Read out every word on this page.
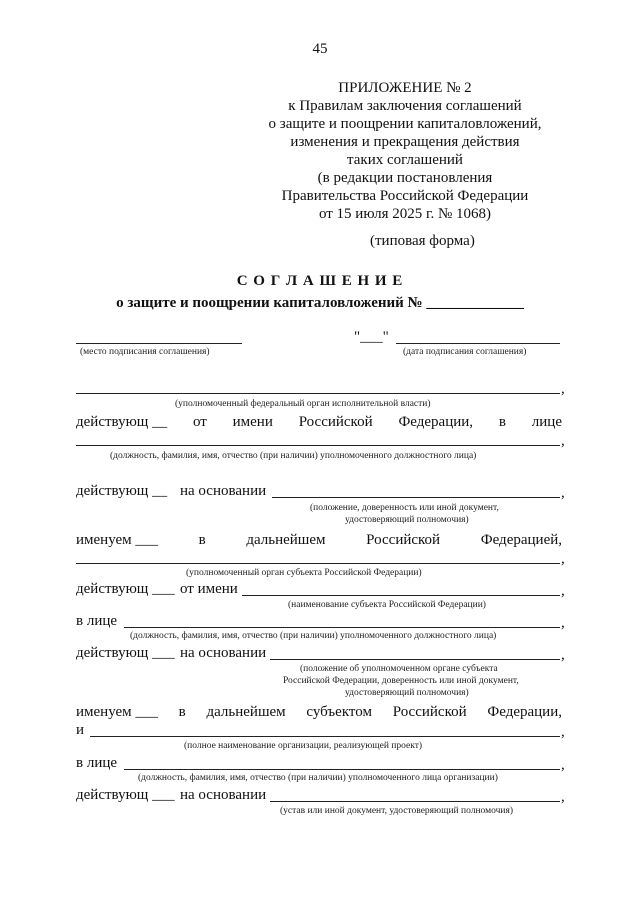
45
ПРИЛОЖЕНИЕ № 2
к Правилам заключения соглашений
о защите и поощрении капиталовложений,
изменения и прекращения действия
таких соглашений
(в редакции постановления
Правительства Российской Федерации
от 15 июля 2025 г. № 1068)
(типовая форма)
С О Г Л А Ш Е Н И Е
о защите и поощрении капиталовложений № _____________
"___"
(место подписания соглашения)	(дата подписания соглашения)
,
(уполномоченный федеральный орган исполнительной власти)
действующ __ от имени Российской Федерации, в лице
,
(должность, фамилия, имя, отчество (при наличии) уполномоченного должностного лица)
действующ __ на основании	,
(положение, доверенность или иной документ,
удостоверяющий полномочия)
именуем ___	в	дальнейшем	Российской	Федерацией,
,
(уполномоченный орган субъекта Российской Федерации)
действующ ___ от имени	,
(наименование субъекта Российской Федерации)
в лице	,
(должность, фамилия, имя, отчество (при наличии) уполномоченного должностного лица)
действующ ___ на основании	,
(положение об уполномоченном органе субъекта
Российской Федерации, доверенность или иной документ,
удостоверяющий полномочия)
именуем ___ в дальнейшем субъектом Российской Федерации,
и	,
(полное наименование организации, реализующей проект)
в лице	,
(должность, фамилия, имя, отчество (при наличии) уполномоченного лица организации)
действующ ___ на основании	,
(устав или иной документ, удостоверяющий полномочия)
